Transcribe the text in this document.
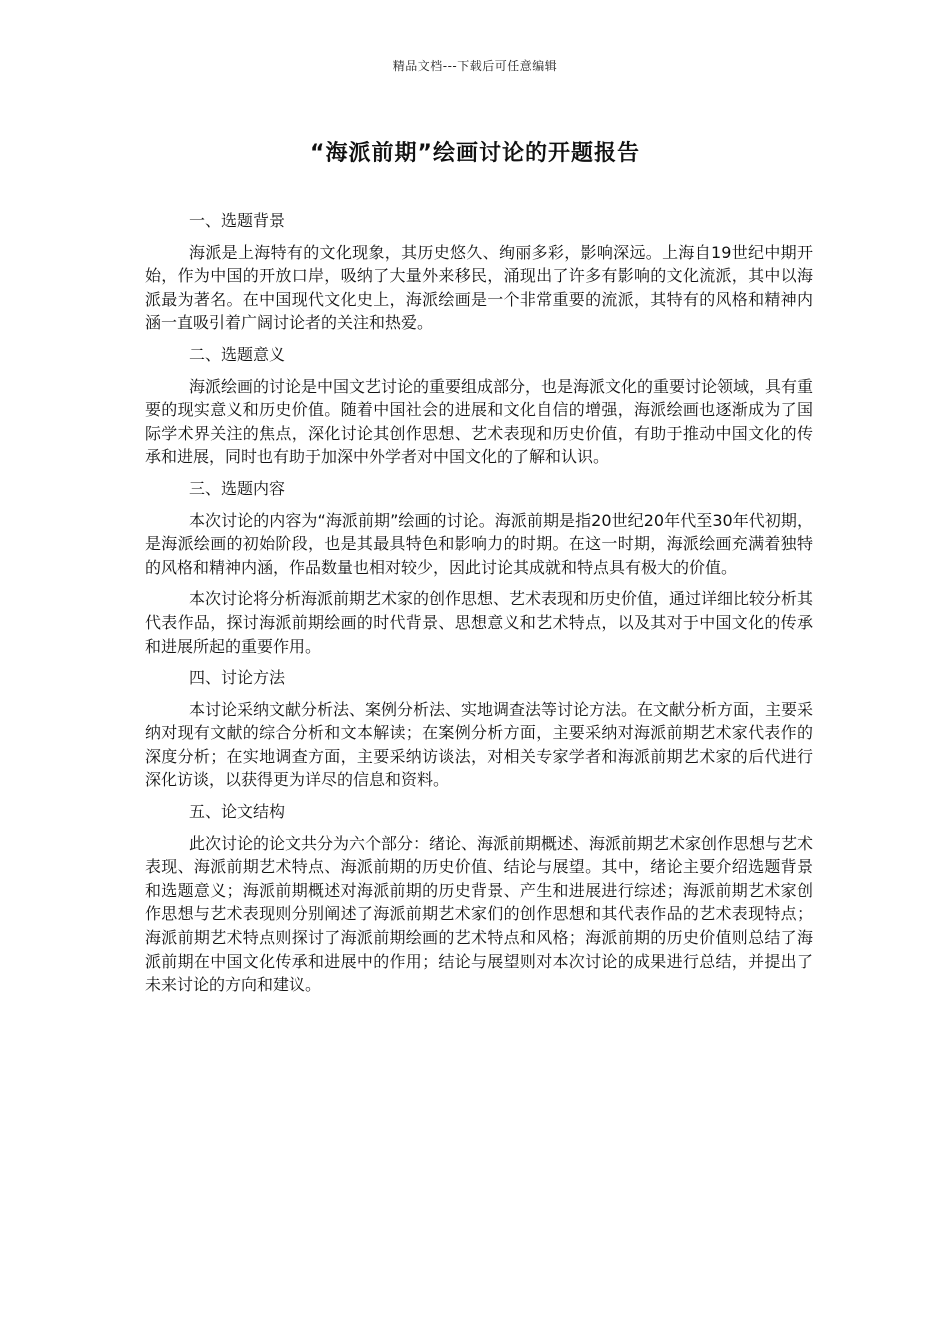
精品文档---下载后可任意编辑
“海派前期”绘画讨论的开题报告

一、选题背景

海派是上海特有的文化现象，其历史悠久、绚丽多彩，影响深远。上海自19世纪中期开始，作为中国的开放口岸，吸纳了大量外来移民，涌现出了许多有影响的文化流派，其中以海派最为著名。在中国现代文化史上，海派绘画是一个非常重要的流派，其特有的风格和精神内涵一直吸引着广阔讨论者的关注和热爱。

二、选题意义

海派绘画的讨论是中国文艺讨论的重要组成部分，也是海派文化的重要讨论领域，具有重要的现实意义和历史价值。随着中国社会的进展和文化自信的增强，海派绘画也逐渐成为了国际学术界关注的焦点，深化讨论其创作思想、艺术表现和历史价值，有助于推动中国文化的传承和进展，同时也有助于加深中外学者对中国文化的了解和认识。

三、选题内容

本次讨论的内容为“海派前期”绘画的讨论。海派前期是指20世纪20年代至30年代初期，是海派绘画的初始阶段，也是其最具特色和影响力的时期。在这一时期，海派绘画充满着独特的风格和精神内涵，作品数量也相对较少，因此讨论其成就和特点具有极大的价值。

本次讨论将分析海派前期艺术家的创作思想、艺术表现和历史价值，通过详细比较分析其代表作品，探讨海派前期绘画的时代背景、思想意义和艺术特点，以及其对于中国文化的传承和进展所起的重要作用。

四、讨论方法

本讨论采纳文献分析法、案例分析法、实地调查法等讨论方法。在文献分析方面，主要采纳对现有文献的综合分析和文本解读；在案例分析方面，主要采纳对海派前期艺术家代表作的深度分析；在实地调查方面，主要采纳访谈法，对相关专家学者和海派前期艺术家的后代进行深化访谈，以获得更为详尽的信息和资料。

五、论文结构

此次讨论的论文共分为六个部分：绪论、海派前期概述、海派前期艺术家创作思想与艺术表现、海派前期艺术特点、海派前期的历史价值、结论与展望。其中，绪论主要介绍选题背景和选题意义；海派前期概述对海派前期的历史背景、产生和进展进行综述；海派前期艺术家创作思想与艺术表现则分别阐述了海派前期艺术家们的创作思想和其代表作品的艺术表现特点；海派前期艺术特点则探讨了海派前期绘画的艺术特点和风格；海派前期的历史价值则总结了海派前期在中国文化传承和进展中的作用；结论与展望则对本次讨论的成果进行总结，并提出了未来讨论的方向和建议。
